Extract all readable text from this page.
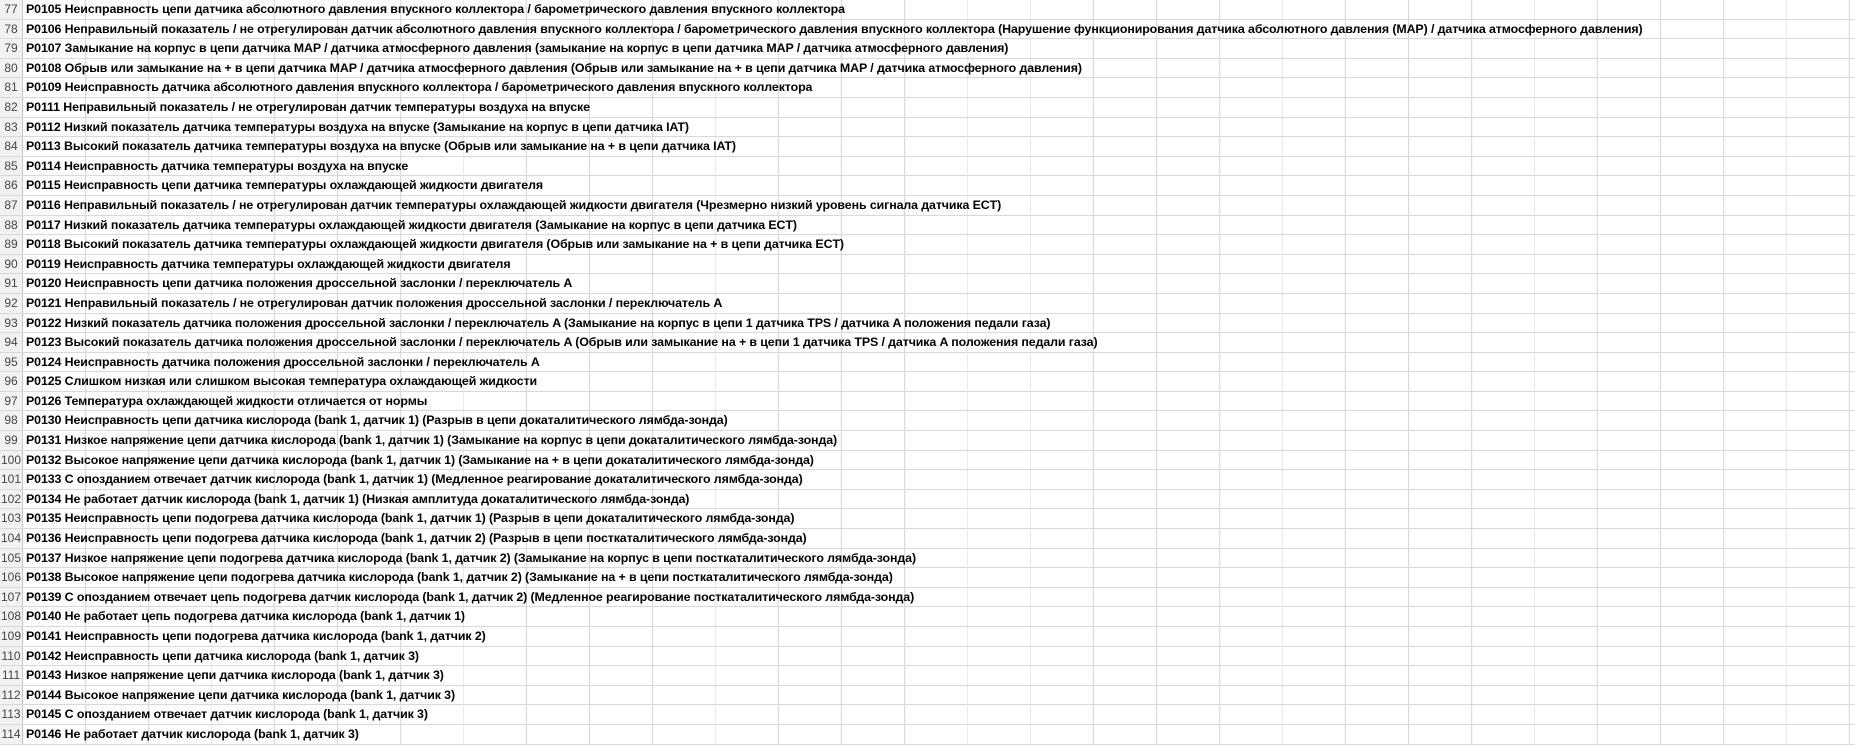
77 P0105 Неисправность цепи датчика абсолютного давления впускного коллектора / барометрического давления впускного коллектора
78 P0106 Неправильный показатель / не отрегулирован датчик абсолютного давления впускного коллектора / барометрического давления впускного коллектора (Нарушение функционирования датчика абсолютного давления (MAP) / датчика атмосферного давления)
79 P0107 Замыкание на корпус в цепи датчика MAP / датчика атмосферного давления (замыкание на корпус в цепи датчика MAP / датчика атмосферного давления)
80 P0108 Обрыв или замыкание на + в цепи датчика MAP / датчика атмосферного давления (Обрыв или замыкание на + в цепи датчика MAP / датчика атмосферного давления)
81 P0109 Неисправность датчика абсолютного давления впускного коллектора / барометрического давления впускного коллектора
82 P0111 Неправильный показатель / не отрегулирован датчик температуры воздуха на впуске
83 P0112 Низкий показатель датчика температуры воздуха на впуске (Замыкание на корпус в цепи датчика IAT)
84 P0113 Высокий показатель датчика температуры воздуха на впуске (Обрыв или замыкание на + в цепи датчика IAT)
85 P0114 Неисправность датчика температуры воздуха на впуске
86 P0115 Неисправность цепи датчика температуры охлаждающей жидкости двигателя
87 P0116 Неправильный показатель / не отрегулирован датчик температуры охлаждающей жидкости двигателя (Чрезмерно низкий уровень сигнала датчика ECT)
88 P0117 Низкий показатель датчика температуры охлаждающей жидкости двигателя (Замыкание на корпус в цепи датчика ECT)
89 P0118 Высокий показатель датчика температуры охлаждающей жидкости двигателя (Обрыв или замыкание на + в цепи датчика ECT)
90 P0119 Неисправность датчика температуры охлаждающей жидкости двигателя
91 P0120 Неисправность цепи датчика положения дроссельной заслонки / переключатель A
92 P0121 Неправильный показатель / не отрегулирован датчик положения дроссельной заслонки / переключатель A
93 P0122 Низкий показатель датчика положения дроссельной заслонки / переключатель A (Замыкание на корпус в цепи 1 датчика TPS / датчика A положения педали газа)
94 P0123 Высокий показатель датчика положения дроссельной заслонки / переключатель A (Обрыв или замыкание на + в цепи 1 датчика TPS / датчика A положения педали газа)
95 P0124 Неисправность датчика положения дроссельной заслонки / переключатель A
96 P0125 Слишком низкая или слишком высокая температура охлаждающей жидкости
97 P0126 Температура охлаждающей жидкости отличается от нормы
98 P0130 Неисправность цепи датчика кислорода (bank 1, датчик 1) (Разрыв в цепи докаталитического лямбда-зонда)
99 P0131 Низкое напряжение цепи датчика кислорода (bank 1, датчик 1) (Замыкание на корпус в цепи докаталитического лямбда-зонда)
100 P0132 Высокое напряжение цепи датчика кислорода (bank 1, датчик 1) (Замыкание на + в цепи докаталитического лямбда-зонда)
101 P0133 С опозданием отвечает датчик кислорода (bank 1, датчик 1) (Медленное реагирование докаталитического лямбда-зонда)
102 P0134 Не работает датчик кислорода (bank 1, датчик 1) (Низкая амплитуда докаталитического лямбда-зонда)
103 P0135 Неисправность цепи подогрева датчика кислорода (bank 1, датчик 1) (Разрыв в цепи докаталитического лямбда-зонда)
104 P0136 Неисправность цепи подогрева датчика кислорода (bank 1, датчик 2) (Разрыв в цепи посткаталитического лямбда-зонда)
105 P0137 Низкое напряжение цепи подогрева датчика кислорода (bank 1, датчик 2) (Замыкание на корпус в цепи посткаталитического лямбда-зонда)
106 P0138 Высокое напряжение цепи подогрева датчика кислорода (bank 1, датчик 2) (Замыкание на + в цепи посткаталитического лямбда-зонда)
107 P0139 С опозданием отвечает цепь подогрева датчик кислорода (bank 1, датчик 2) (Медленное реагирование посткаталитического лямбда-зонда)
108 P0140 Не работает цепь подогрева датчика кислорода (bank 1, датчик 1)
109 P0141 Неисправность цепи подогрева датчика кислорода (bank 1, датчик 2)
110 P0142 Неисправность цепи датчика кислорода (bank 1, датчик 3)
111 P0143 Низкое напряжение цепи датчика кислорода (bank 1, датчик 3)
112 P0144 Высокое напряжение цепи датчика кислорода (bank 1, датчик 3)
113 P0145 С опозданием отвечает датчик кислорода (bank 1, датчик 3)
114 P0146 Не работает датчик кислорода (bank 1, датчик 3)
